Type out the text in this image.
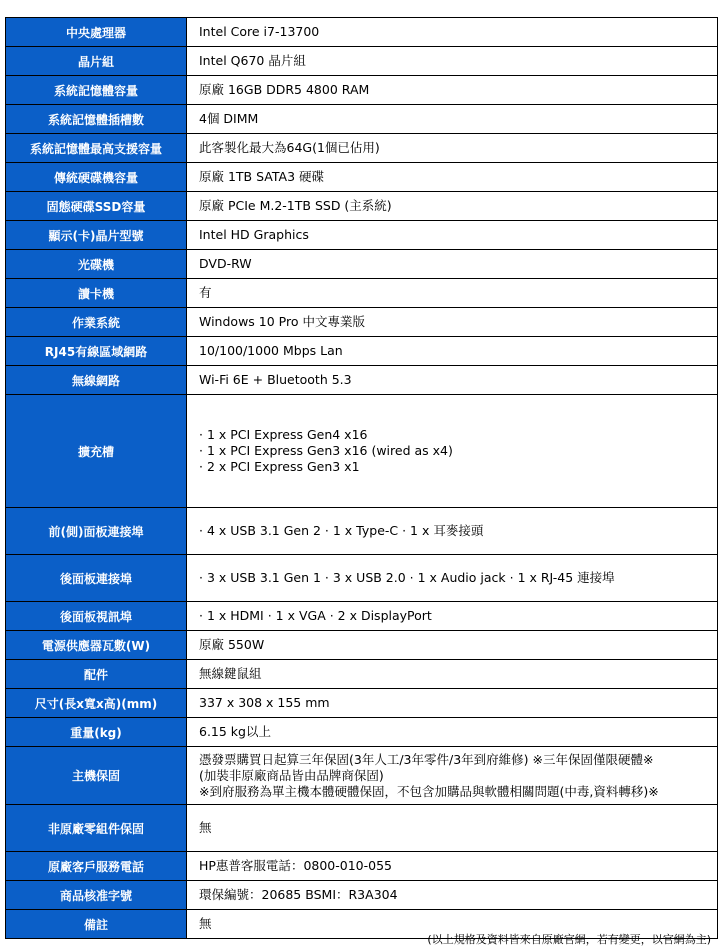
中央處理器	Intel Core i7-13700

晶片組	Intel Q670 晶片組

系統記憶體容量	原廠 16GB DDR5 4800 RAM

系統記憶體插槽數	4個 DIMM

系統記憶體最高支援容量	此客製化最大為64G(1個已佔用)

傳統硬碟機容量	原廠 1TB SATA3 硬碟

固態硬碟SSD容量	原廠 PCIe M.2-1TB SSD (主系統)

顯示(卡)晶片型號	Intel HD Graphics

光碟機	DVD-RW

讀卡機	有

作業系統	Windows 10 Pro 中文專業版

RJ45有線區域網路	10/100/1000 Mbps Lan

無線網路	Wi-Fi 6E + Bluetooth 5.3

擴充槽	· 1 x PCI Express Gen4 x16
· 1 x PCI Express Gen3 x16 (wired as x4)
· 2 x PCI Express Gen3 x1

前(側)面板連接埠	· 4 x USB 3.1 Gen 2 · 1 x Type-C · 1 x 耳麥接頭

後面板連接埠	· 3 x USB 3.1 Gen 1 · 3 x USB 2.0 · 1 x Audio jack · 1 x RJ-45 連接埠

後面板視訊埠	· 1 x HDMI · 1 x VGA · 2 x DisplayPort

電源供應器瓦數(W)	原廠 550W

配件	無線鍵鼠組

尺寸(長x寬x高)(mm)	337 x 308 x 155 mm

重量(kg)	6.15 kg以上

主機保固	憑發票購買日起算三年保固(3年人工/3年零件/3年到府維修) ※三年保固僅限硬體※
(加裝非原廠商品皆由品牌商保固)
※到府服務為單主機本體硬體保固，不包含加購品與軟體相關問題(中毒,資料轉移)※

非原廠零組件保固	無

原廠客戶服務電話	HP惠普客服電話：0800-010-055

商品核准字號	環保編號：20685 BSMI：R3A304

備註	無
(以上規格及資料皆來自原廠官網，若有變更，以官網為主)
